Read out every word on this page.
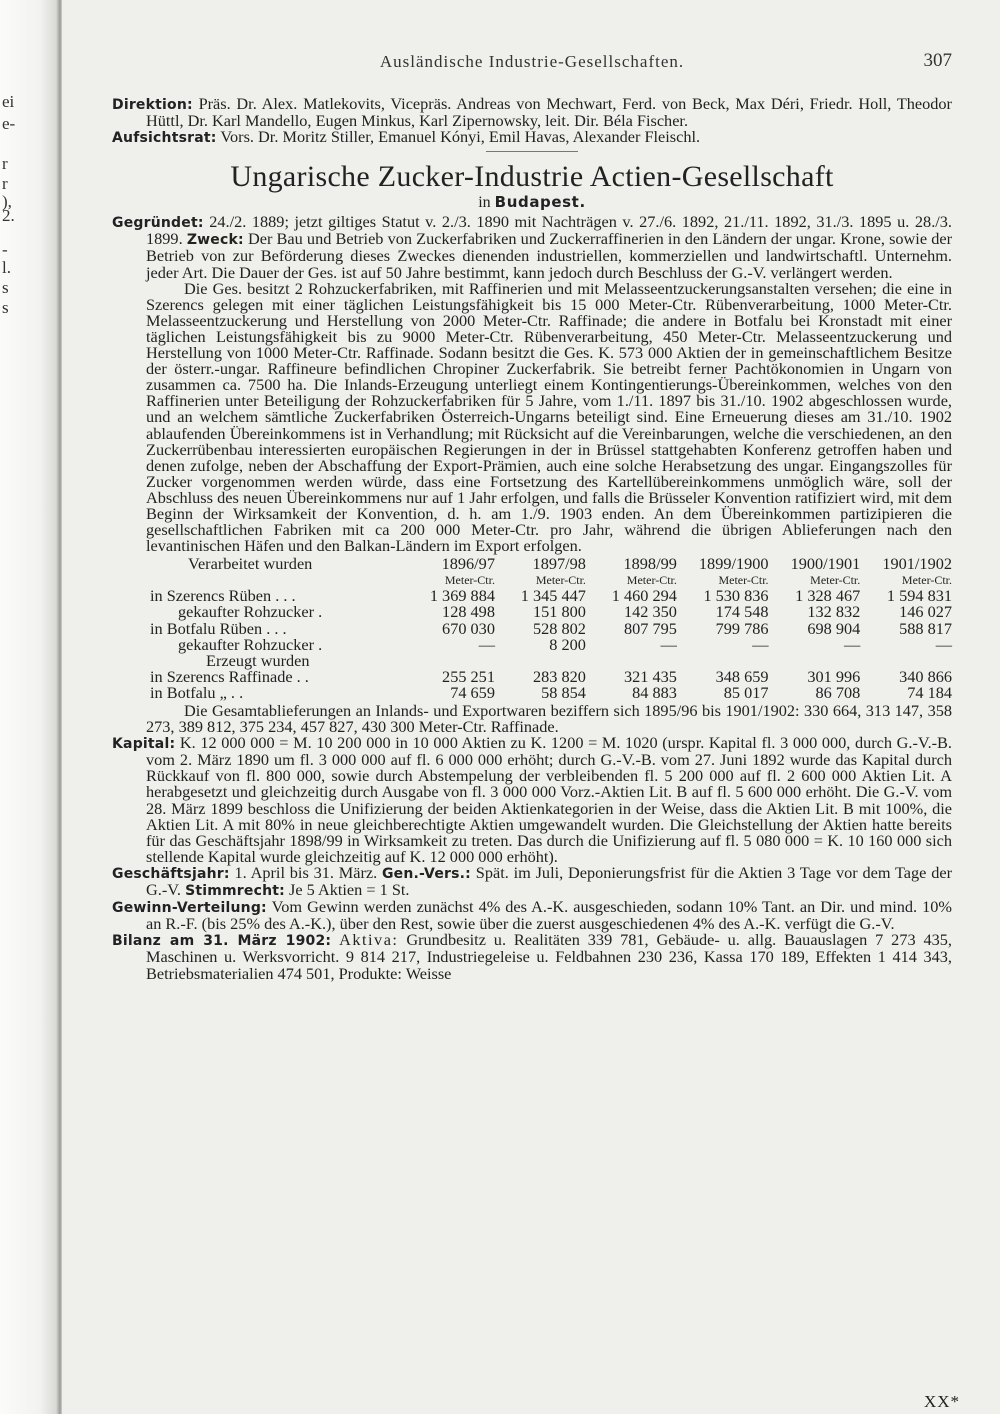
ei
e-
r
r
),
2.
-
l.
s
s
Ausländische Industrie-Gesellschaften.	307

Direktion: Präs. Dr. Alex. Matlekovits, Vicepräs. Andreas von Mechwart, Ferd. von Beck, Max Déri, Friedr. Holl, Theodor Hüttl, Dr. Karl Mandello, Eugen Minkus, Karl Zipernowsky, leit. Dir. Béla Fischer.

Aufsichtsrat: Vors. Dr. Moritz Stiller, Emanuel Kónyi, Emil Havas, Alexander Fleischl.

Ungarische Zucker-Industrie Actien-Gesellschaft
in Budapest.

Gegründet: 24./2. 1889; jetzt giltiges Statut v. 2./3. 1890 mit Nachträgen v. 27./6. 1892, 21./11. 1892, 31./3. 1895 u. 28./3. 1899. Zweck: Der Bau und Betrieb von Zuckerfabriken und Zuckerraffinerien in den Ländern der ungar. Krone, sowie der Betrieb von zur Beförderung dieses Zweckes dienenden industriellen, kommerziellen und landwirtschaftl. Unternehm. jeder Art. Die Dauer der Ges. ist auf 50 Jahre bestimmt, kann jedoch durch Beschluss der G.-V. verlängert werden.

Die Ges. besitzt 2 Rohzuckerfabriken, mit Raffinerien und mit Melasseentzuckerungsanstalten versehen; die eine in Szerencs gelegen mit einer täglichen Leistungsfähigkeit bis 15 000 Meter-Ctr. Rübenverarbeitung, 1000 Meter-Ctr. Melasseentzuckerung und Herstellung von 2000 Meter-Ctr. Raffinade; die andere in Botfalu bei Kronstadt mit einer täglichen Leistungsfähigkeit bis zu 9000 Meter-Ctr. Rübenverarbeitung, 450 Meter-Ctr. Melasseentzuckerung und Herstellung von 1000 Meter-Ctr. Raffinade. Sodann besitzt die Ges. K. 573 000 Aktien der in gemeinschaftlichem Besitze der österr.-ungar. Raffineure befindlichen Chropiner Zuckerfabrik. Sie betreibt ferner Pachtökonomien in Ungarn von zusammen ca. 7500 ha. Die Inlands-Erzeugung unterliegt einem Kontingentierungs-Übereinkommen, welches von den Raffinerien unter Beteiligung der Rohzuckerfabriken für 5 Jahre, vom 1./11. 1897 bis 31./10. 1902 abgeschlossen wurde, und an welchem sämtliche Zuckerfabriken Österreich-Ungarns beteiligt sind. Eine Erneuerung dieses am 31./10. 1902 ablaufenden Übereinkommens ist in Verhandlung; mit Rücksicht auf die Vereinbarungen, welche die verschiedenen, an den Zuckerrübenbau interessierten europäischen Regierungen in der in Brüssel stattgehabten Konferenz getroffen haben und denen zufolge, neben der Abschaffung der Export-Prämien, auch eine solche Herabsetzung des ungar. Eingangszolles für Zucker vorgenommen werden würde, dass eine Fortsetzung des Kartellübereinkommens unmöglich wäre, soll der Abschluss des neuen Übereinkommens nur auf 1 Jahr erfolgen, und falls die Brüsseler Konvention ratifiziert wird, mit dem Beginn der Wirksamkeit der Konvention, d. h. am 1./9. 1903 enden. An dem Übereinkommen partizipieren die gesellschaftlichen Fabriken mit ca 200 000 Meter-Ctr. pro Jahr, während die übrigen Ablieferungen nach den levantinischen Häfen und den Balkan-Ländern im Export erfolgen.

Verarbeitet wurden	1896/97	1897/98	1898/99	1899/1900	1900/1901	1901/1902
	Meter-Ctr.	Meter-Ctr.	Meter-Ctr.	Meter-Ctr.	Meter-Ctr.	Meter-Ctr.
in Szerencs Rüben . . .	1 369 884	1 345 447	1 460 294	1 530 836	1 328 467	1 594 831
gekaufter Rohzucker .	128 498	151 800	142 350	174 548	132 832	146 027
in Botfalu Rüben . . .	670 030	528 802	807 795	799 786	698 904	588 817
gekaufter Rohzucker .	—	8 200	—	—	—	—
Erzeugt wurden						
in Szerencs Raffinade . .	255 251	283 820	321 435	348 659	301 996	340 866
in Botfalu „ . .	74 659	58 854	84 883	85 017	86 708	74 184

Die Gesamtablieferungen an Inlands- und Exportwaren beziffern sich 1895/96 bis 1901/1902: 330 664, 313 147, 358 273, 389 812, 375 234, 457 827, 430 300 Meter-Ctr. Raffinade.

Kapital: K. 12 000 000 = M. 10 200 000 in 10 000 Aktien zu K. 1200 = M. 1020 (urspr. Kapital fl. 3 000 000, durch G.-V.-B. vom 2. März 1890 um fl. 3 000 000 auf fl. 6 000 000 erhöht; durch G.-V.-B. vom 27. Juni 1892 wurde das Kapital durch Rückkauf von fl. 800 000, sowie durch Abstempelung der verbleibenden fl. 5 200 000 auf fl. 2 600 000 Aktien Lit. A herabgesetzt und gleichzeitig durch Ausgabe von fl. 3 000 000 Vorz.-Aktien Lit. B auf fl. 5 600 000 erhöht. Die G.-V. vom 28. März 1899 beschloss die Unifizierung der beiden Aktienkategorien in der Weise, dass die Aktien Lit. B mit 100%, die Aktien Lit. A mit 80% in neue gleichberechtigte Aktien umgewandelt wurden. Die Gleichstellung der Aktien hatte bereits für das Geschäftsjahr 1898/99 in Wirksamkeit zu treten. Das durch die Unifizierung auf fl. 5 080 000 = K. 10 160 000 sich stellende Kapital wurde gleichzeitig auf K. 12 000 000 erhöht).

Geschäftsjahr: 1. April bis 31. März. Gen.-Vers.: Spät. im Juli, Deponierungsfrist für die Aktien 3 Tage vor dem Tage der G.-V. Stimmrecht: Je 5 Aktien = 1 St.

Gewinn-Verteilung: Vom Gewinn werden zunächst 4% des A.-K. ausgeschieden, sodann 10% Tant. an Dir. und mind. 10% an R.-F. (bis 25% des A.-K.), über den Rest, sowie über die zuerst ausgeschiedenen 4% des A.-K. verfügt die G.-V.

Bilanz am 31. März 1902: Aktiva: Grundbesitz u. Realitäten 339 781, Gebäude- u. allg. Bauauslagen 7 273 435, Maschinen u. Werksvorricht. 9 814 217, Industriegeleise u. Feldbahnen 230 236, Kassa 170 189, Effekten 1 414 343, Betriebsmaterialien 474 501, Produkte: Weisse

XX*
